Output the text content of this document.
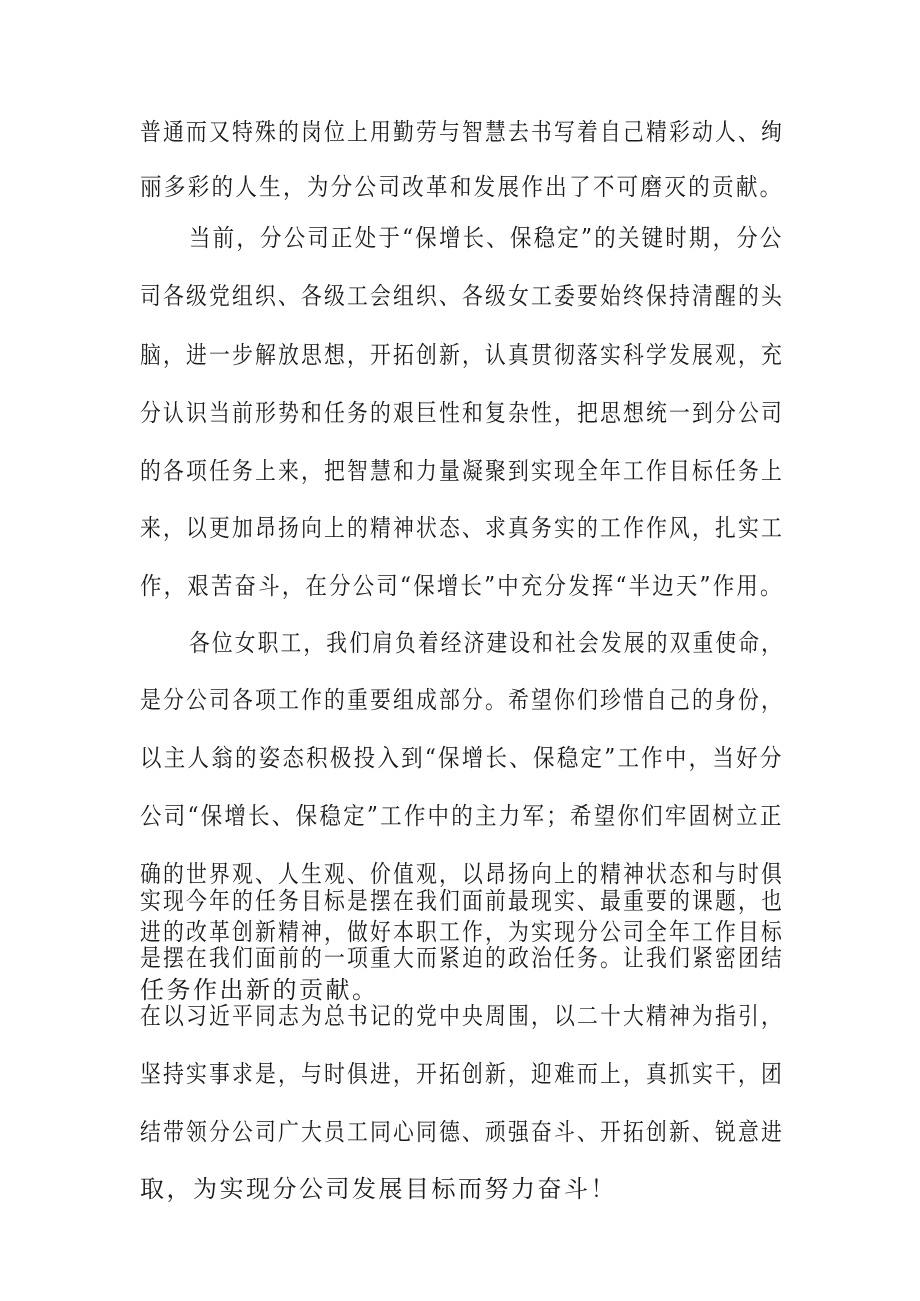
普通而又特殊的岗位上用勤劳与智慧去书写着自己精彩动人、绚
丽多彩的人生，为分公司改革和发展作出了不可磨灭的贡献。
当前，分公司正处于“保增长、保稳定”的关键时期，分公
司各级党组织、各级工会组织、各级女工委要始终保持清醒的头
脑，进一步解放思想，开拓创新，认真贯彻落实科学发展观，充
分认识当前形势和任务的艰巨性和复杂性，把思想统一到分公司
的各项任务上来，把智慧和力量凝聚到实现全年工作目标任务上
来，以更加昂扬向上的精神状态、求真务实的工作作风，扎实工
作，艰苦奋斗，在分公司“保增长”中充分发挥“半边天”作用。
各位女职工，我们肩负着经济建设和社会发展的双重使命，
是分公司各项工作的重要组成部分。希望你们珍惜自己的身份，
以主人翁的姿态积极投入到“保增长、保稳定”工作中，当好分
公司“保增长、保稳定”工作中的主力军；希望你们牢固树立正
确的世界观、人生观、价值观，以昂扬向上的精神状态和与时俱
进的改革创新精神，做好本职工作，为实现分公司全年工作目标
任务作出新的贡献。
实现今年的任务目标是摆在我们面前最现实、最重要的课题，也
是摆在我们面前的一项重大而紧迫的政治任务。让我们紧密团结
在以习近平同志为总书记的党中央周围，以二十大精神为指引，
坚持实事求是，与时俱进，开拓创新，迎难而上，真抓实干，团
结带领分公司广大员工同心同德、顽强奋斗、开拓创新、锐意进
取，为实现分公司发展目标而努力奋斗！
